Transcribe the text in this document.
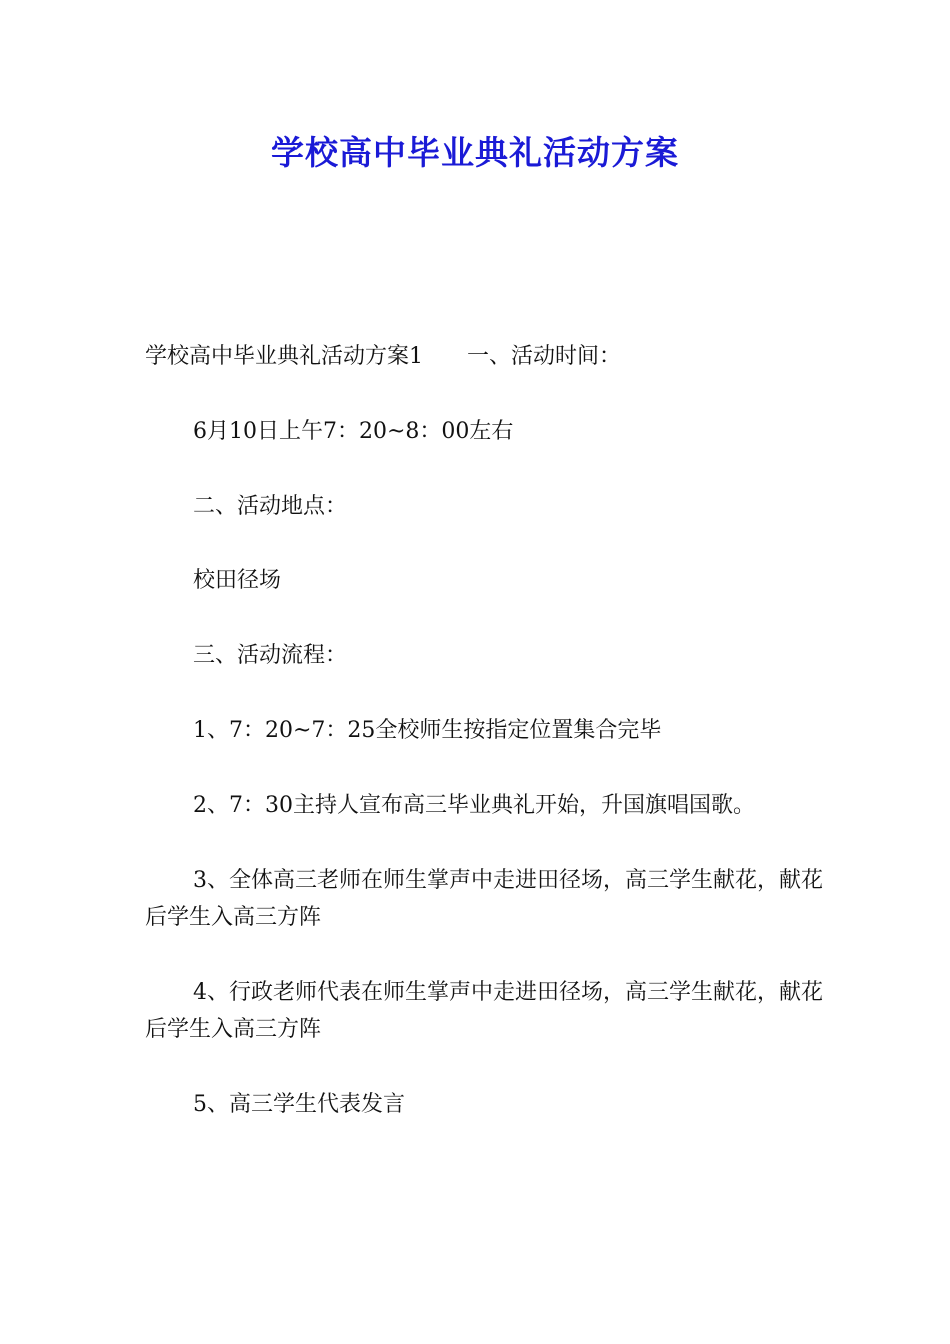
学校高中毕业典礼活动方案

学校高中毕业典礼活动方案1　　一、活动时间：

6月10日上午7：20~8：00左右

二、活动地点：

校田径场

三、活动流程：

1、7：20~7：25全校师生按指定位置集合完毕

2、7：30主持人宣布高三毕业典礼开始，升国旗唱国歌。

3、全体高三老师在师生掌声中走进田径场，高三学生献花，献花后学生入高三方阵

4、行政老师代表在师生掌声中走进田径场，高三学生献花，献花后学生入高三方阵

5、高三学生代表发言
